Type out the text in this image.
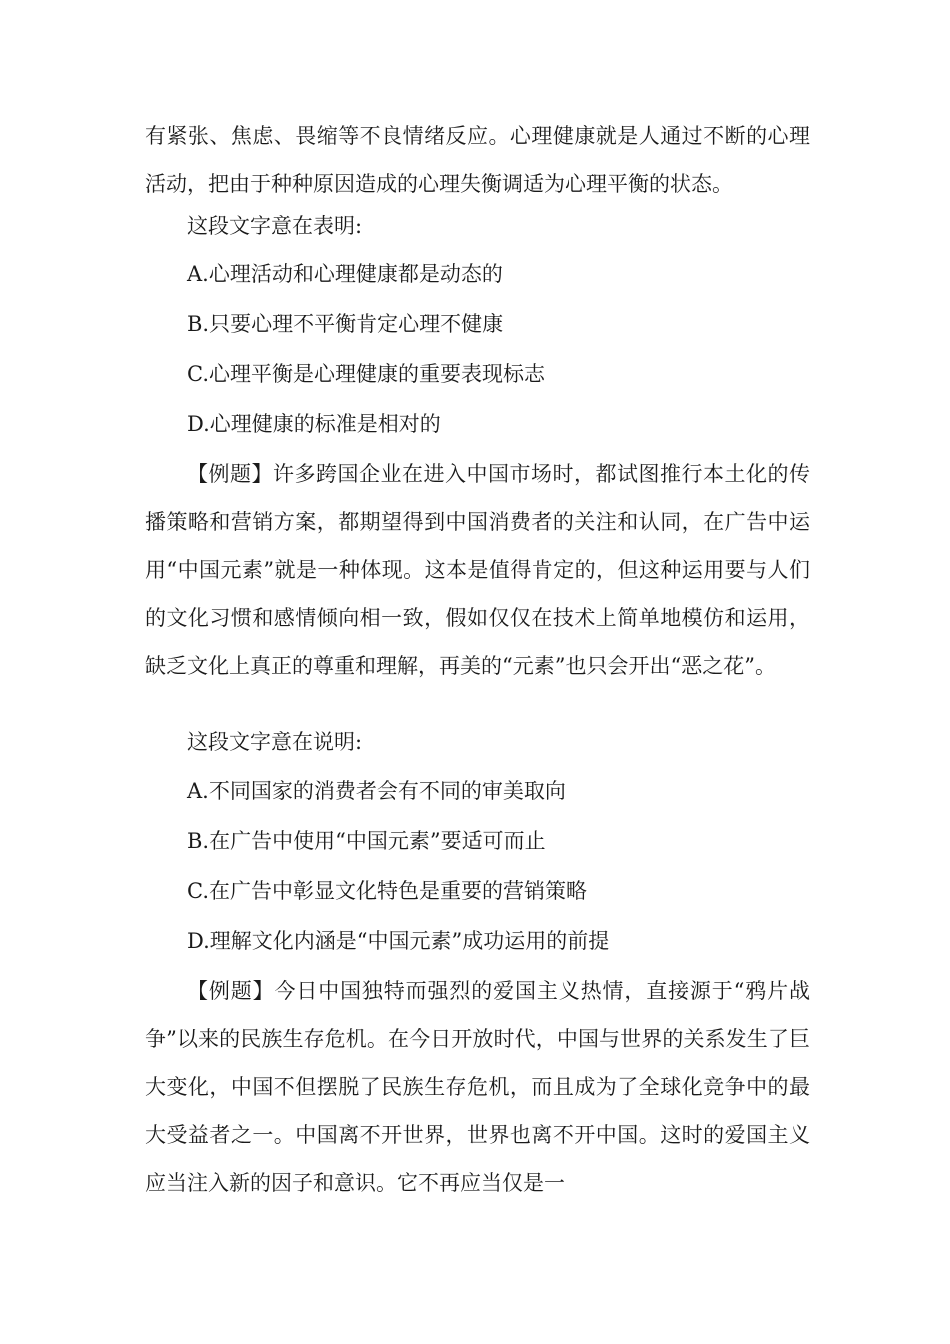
有紧张、焦虑、畏缩等不良情绪反应。心理健康就是人通过不断的心理活动，把由于种种原因造成的心理失衡调适为心理平衡的状态。

这段文字意在表明:

A.心理活动和心理健康都是动态的

B.只要心理不平衡肯定心理不健康

C.心理平衡是心理健康的重要表现标志

D.心理健康的标准是相对的

【例题】许多跨国企业在进入中国市场时，都试图推行本土化的传播策略和营销方案，都期望得到中国消费者的关注和认同，在广告中运用“中国元素”就是一种体现。这本是值得肯定的，但这种运用要与人们的文化习惯和感情倾向相一致，假如仅仅在技术上简单地模仿和运用，缺乏文化上真正的尊重和理解，再美的“元素”也只会开出“恶之花”。

这段文字意在说明:

A.不同国家的消费者会有不同的审美取向

B.在广告中使用“中国元素”要适可而止

C.在广告中彰显文化特色是重要的营销策略

D.理解文化内涵是“中国元素”成功运用的前提

【例题】今日中国独特而强烈的爱国主义热情，直接源于“鸦片战争”以来的民族生存危机。在今日开放时代，中国与世界的关系发生了巨大变化，中国不但摆脱了民族生存危机，而且成为了全球化竞争中的最大受益者之一。中国离不开世界，世界也离不开中国。这时的爱国主义应当注入新的因子和意识。它不再应当仅是一
